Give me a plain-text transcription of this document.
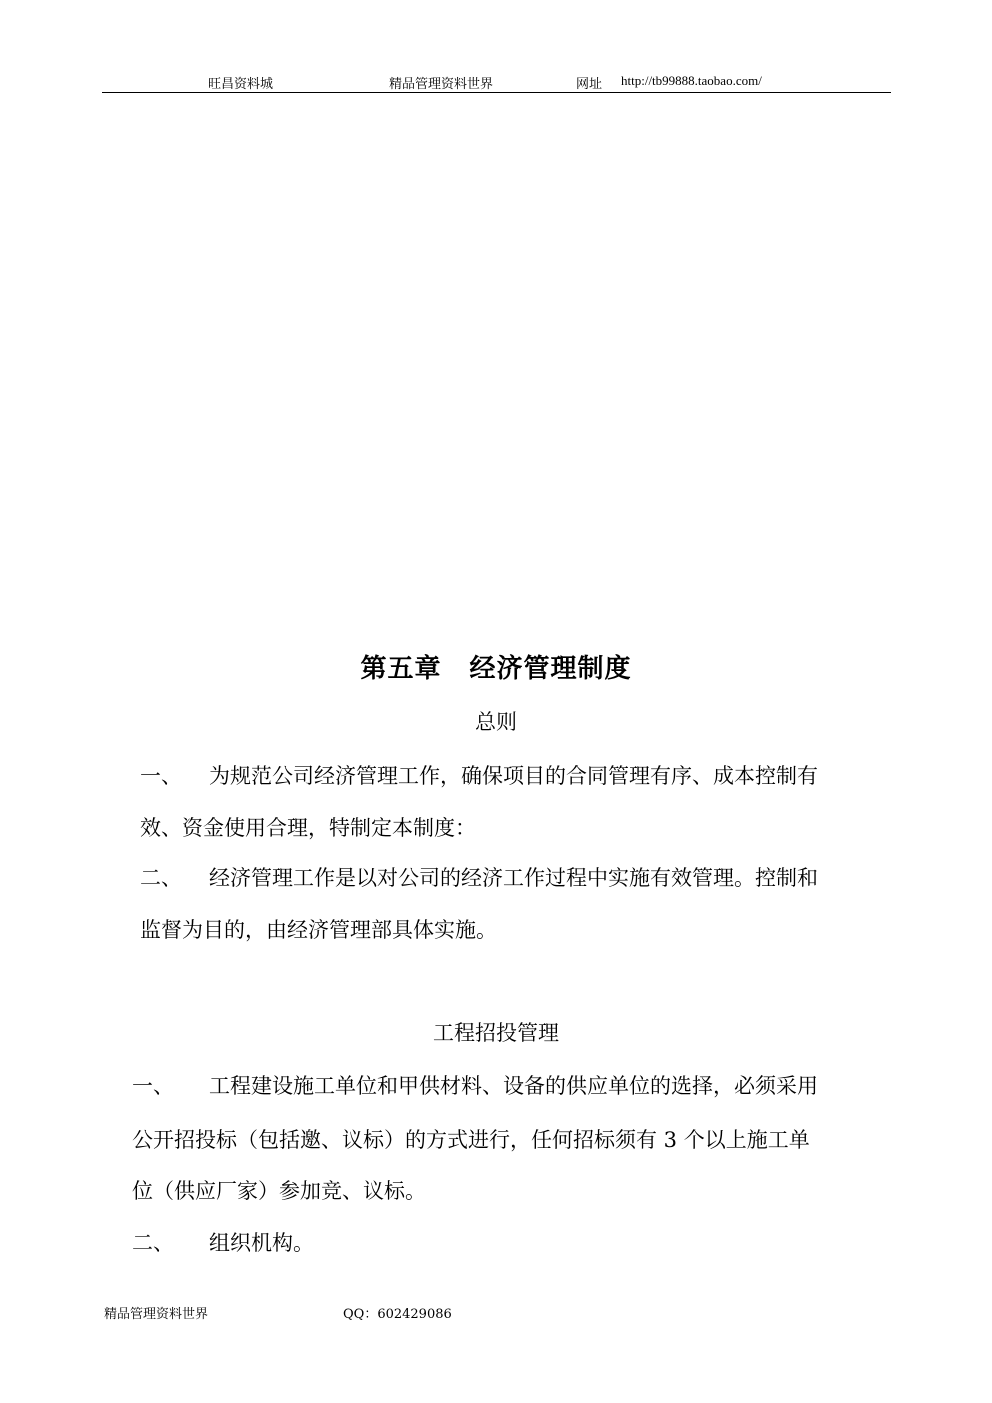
旺昌资料城	精品管理资料世界	网址 http://tb99888.taobao.com/
第五章 经济管理制度
总则
一、 为规范公司经济管理工作，确保项目的合同管理有序、成本控制有
效、资金使用合理，特制定本制度：
二、 经济管理工作是以对公司的经济工作过程中实施有效管理。控制和
监督为目的，由经济管理部具体实施。
工程招投管理
一、 工程建设施工单位和甲供材料、设备的供应单位的选择，必须采用
公开招投标（包括邀、议标）的方式进行，任何招标须有 3 个以上施工单
位（供应厂家）参加竞、议标。
二、 组织机构。
精品管理资料世界	QQ：602429086
